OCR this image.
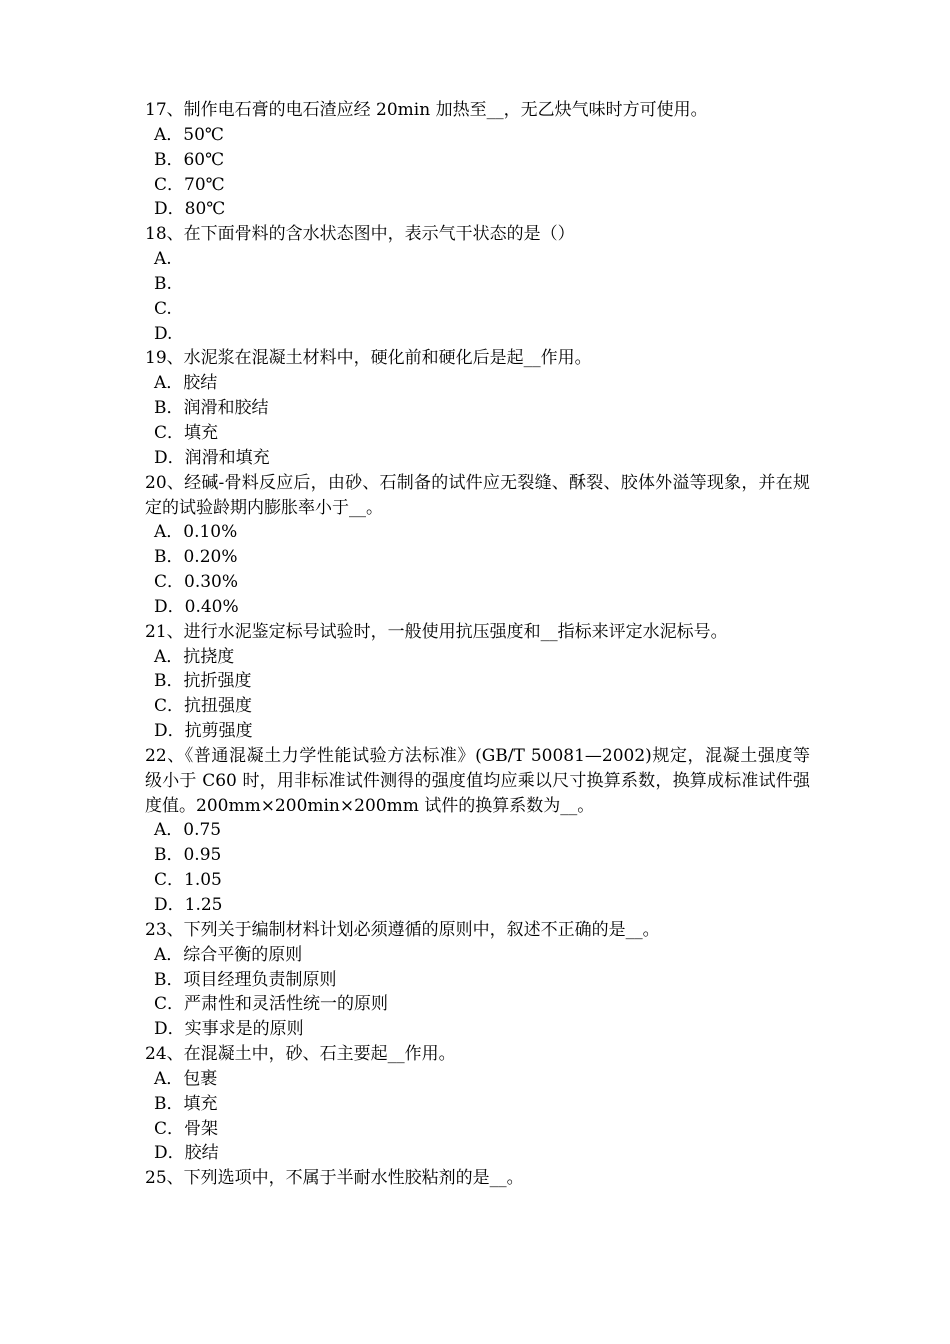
17、制作电石膏的电石渣应经 20min 加热至__，无乙炔气味时方可使用。

A．50℃

B．60℃

C．70℃

D．80℃

18、在下面骨料的含水状态图中，表示气干状态的是（）

A.

B.

C.

D.

19、水泥浆在混凝土材料中，硬化前和硬化后是起__作用。

A．胶结

B．润滑和胶结

C．填充

D．润滑和填充

20、经碱-骨料反应后，由砂、石制备的试件应无裂缝、酥裂、胶体外溢等现象，并在规定的试验龄期内膨胀率小于__。

A．0.10%

B．0.20%

C．0.30%

D．0.40%

21、进行水泥鉴定标号试验时，一般使用抗压强度和__指标来评定水泥标号。

A．抗挠度

B．抗折强度

C．抗扭强度

D．抗剪强度

22、《普通混凝土力学性能试验方法标准》(GB/T 50081—2002)规定，混凝土强度等级小于 C60 时，用非标准试件测得的强度值均应乘以尺寸换算系数，换算成标准试件强度值。200mm×200min×200mm 试件的换算系数为__。

A．0.75

B．0.95

C．1.05

D．1.25

23、下列关于编制材料计划必须遵循的原则中，叙述不正确的是__。

A．综合平衡的原则

B．项目经理负责制原则

C．严肃性和灵活性统一的原则

D．实事求是的原则

24、在混凝土中，砂、石主要起__作用。

A．包裹

B．填充

C．骨架

D．胶结

25、下列选项中，不属于半耐水性胶粘剂的是__。
